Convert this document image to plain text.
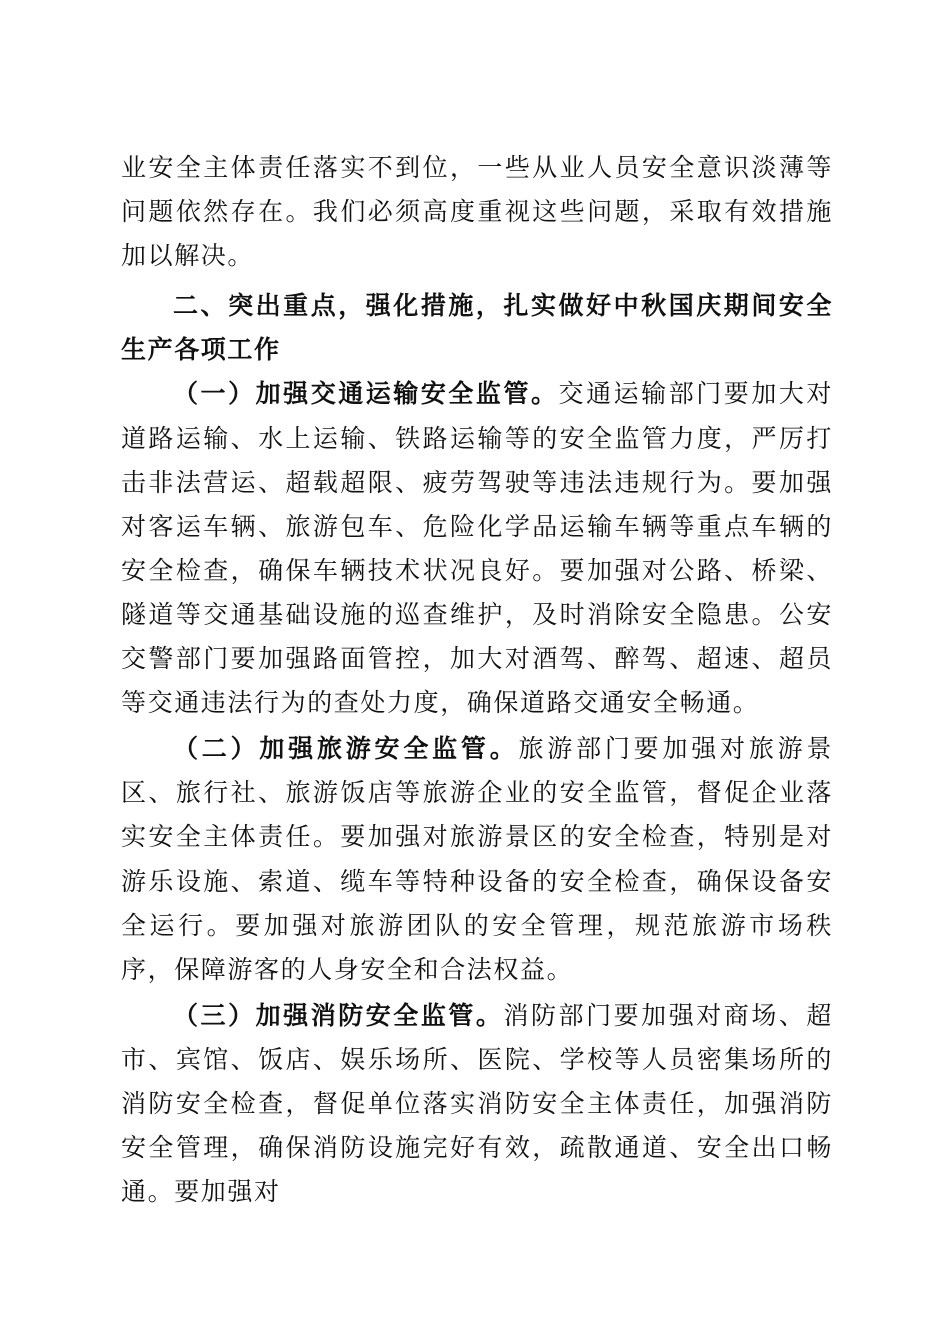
业安全主体责任落实不到位，一些从业人员安全意识淡薄等问题依然存在。我们必须高度重视这些问题，采取有效措施加以解决。

二、突出重点，强化措施，扎实做好中秋国庆期间安全生产各项工作

（一）加强交通运输安全监管。交通运输部门要加大对道路运输、水上运输、铁路运输等的安全监管力度，严厉打击非法营运、超载超限、疲劳驾驶等违法违规行为。要加强对客运车辆、旅游包车、危险化学品运输车辆等重点车辆的安全检查，确保车辆技术状况良好。要加强对公路、桥梁、隧道等交通基础设施的巡查维护，及时消除安全隐患。公安交警部门要加强路面管控，加大对酒驾、醉驾、超速、超员等交通违法行为的查处力度，确保道路交通安全畅通。

（二）加强旅游安全监管。旅游部门要加强对旅游景区、旅行社、旅游饭店等旅游企业的安全监管，督促企业落实安全主体责任。要加强对旅游景区的安全检查，特别是对游乐设施、索道、缆车等特种设备的安全检查，确保设备安全运行。要加强对旅游团队的安全管理，规范旅游市场秩序，保障游客的人身安全和合法权益。

（三）加强消防安全监管。消防部门要加强对商场、超市、宾馆、饭店、娱乐场所、医院、学校等人员密集场所的消防安全检查，督促单位落实消防安全主体责任，加强消防安全管理，确保消防设施完好有效，疏散通道、安全出口畅通。要加强对
